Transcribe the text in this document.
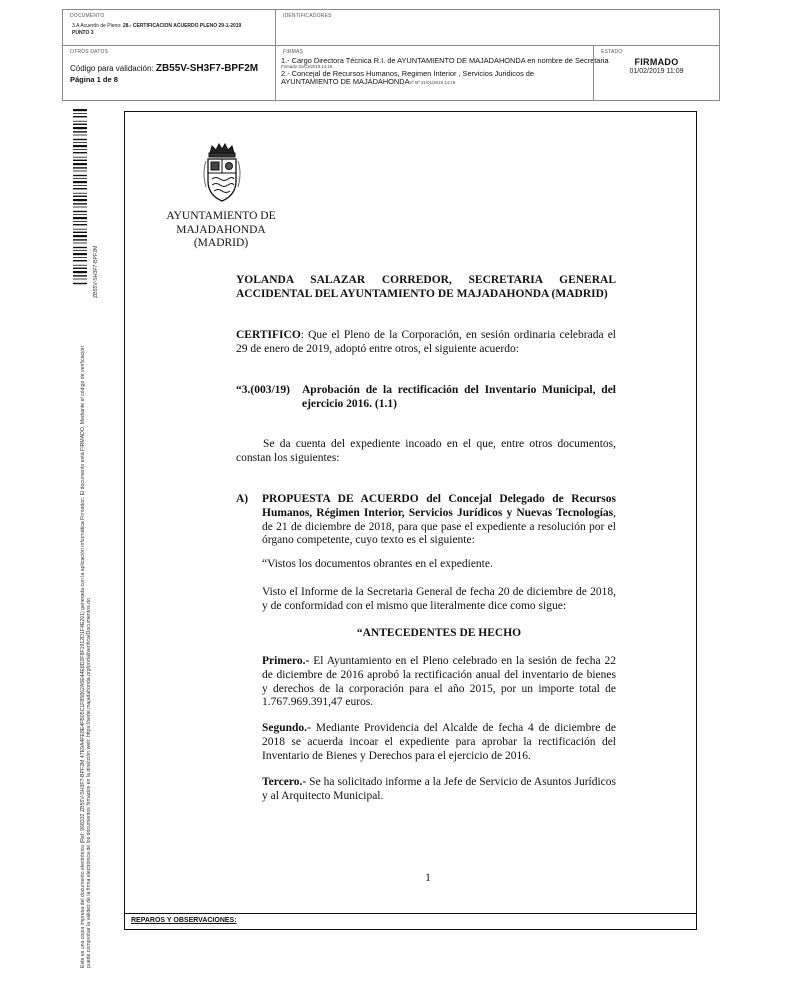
DOCUMENTO
3.A Acuerdo de Pleno: 28.- CERTIFICACION ACUERDO PLENO 29-1-2019
PUNTO 3
IDENTIFICADORES
OTROS DATOS
Código para validación: ZB55V-SH3F7-BPF2M
Página 1 de 8
FIRMAS
1.- Cargo Directora Técnica R.I. de AYUNTAMIENTO DE MAJADAHONDA en nombre de Secretaria
Firmado 31/01/2019 14:15
2.- Concejal de Recursos Humanos, Regimen Interior , Servicios Juridicos de AYUNTAMIENTO DE MAJADAHONDAVº Bº 31/01/2019 14:19
ESTADO
FIRMADO
01/02/2019 11:09
Este es una copia impresa del documento electrónico (Ref: 968332 ZB55V-SH3F7-BPF2M 47E9A4FE8E4FB05C1F85862A5E44E8D2F8F1912D1F4E261) generada con la aplicación informática Firmadoc. El documento está FIRMADO. Mediante el código de verificación puede comprobar la validez de la firma electrónica de los documentos firmados en la dirección web: https://sede.majadahonda.org/portal/verificarDocumentos.do
ZB55V-SH3F7-BPF2M
REPAROS Y OBSERVACIONES:
AYUNTAMIENTO DE
MAJADAHONDA
(MADRID)
YOLANDA SALAZAR CORREDOR, SECRETARIA GENERAL
ACCIDENTAL DEL AYUNTAMIENTO DE MAJADAHONDA (MADRID)
CERTIFICO: Que el Pleno de la Corporación, en sesión ordinaria celebrada el 29 de enero de 2019, adoptó entre otros, el siguiente acuerdo:
“3.(003/19) Aprobación de la rectificación del Inventario Municipal, del ejercicio 2016. (1.1)
Se da cuenta del expediente incoado en el que, entre otros documentos, constan los siguientes:
A) PROPUESTA DE ACUERDO del Concejal Delegado de Recursos Humanos, Régimen Interior, Servicios Jurídicos y Nuevas Tecnologías, de 21 de diciembre de 2018, para que pase el expediente a resolución por el órgano competente, cuyo texto es el siguiente:
“Vistos los documentos obrantes en el expediente.
Visto el Informe de la Secretaria General de fecha 20 de diciembre de 2018, y de conformidad con el mismo que literalmente dice como sigue:
“ANTECEDENTES DE HECHO
Primero.- El Ayuntamiento en el Pleno celebrado en la sesión de fecha 22 de diciembre de 2016 aprobó la rectificación anual del inventario de bienes y derechos de la corporación para el año 2015, por un importe total de 1.767.969.391,47 euros.
Segundo.- Mediante Providencia del Alcalde de fecha 4 de diciembre de 2018 se acuerda incoar el expediente para aprobar la rectificación del Inventario de Bienes y Derechos para el ejercicio de 2016.
Tercero.- Se ha solicitado informe a la Jefe de Servicio de Asuntos Jurídicos y al Arquitecto Municipal.
1
